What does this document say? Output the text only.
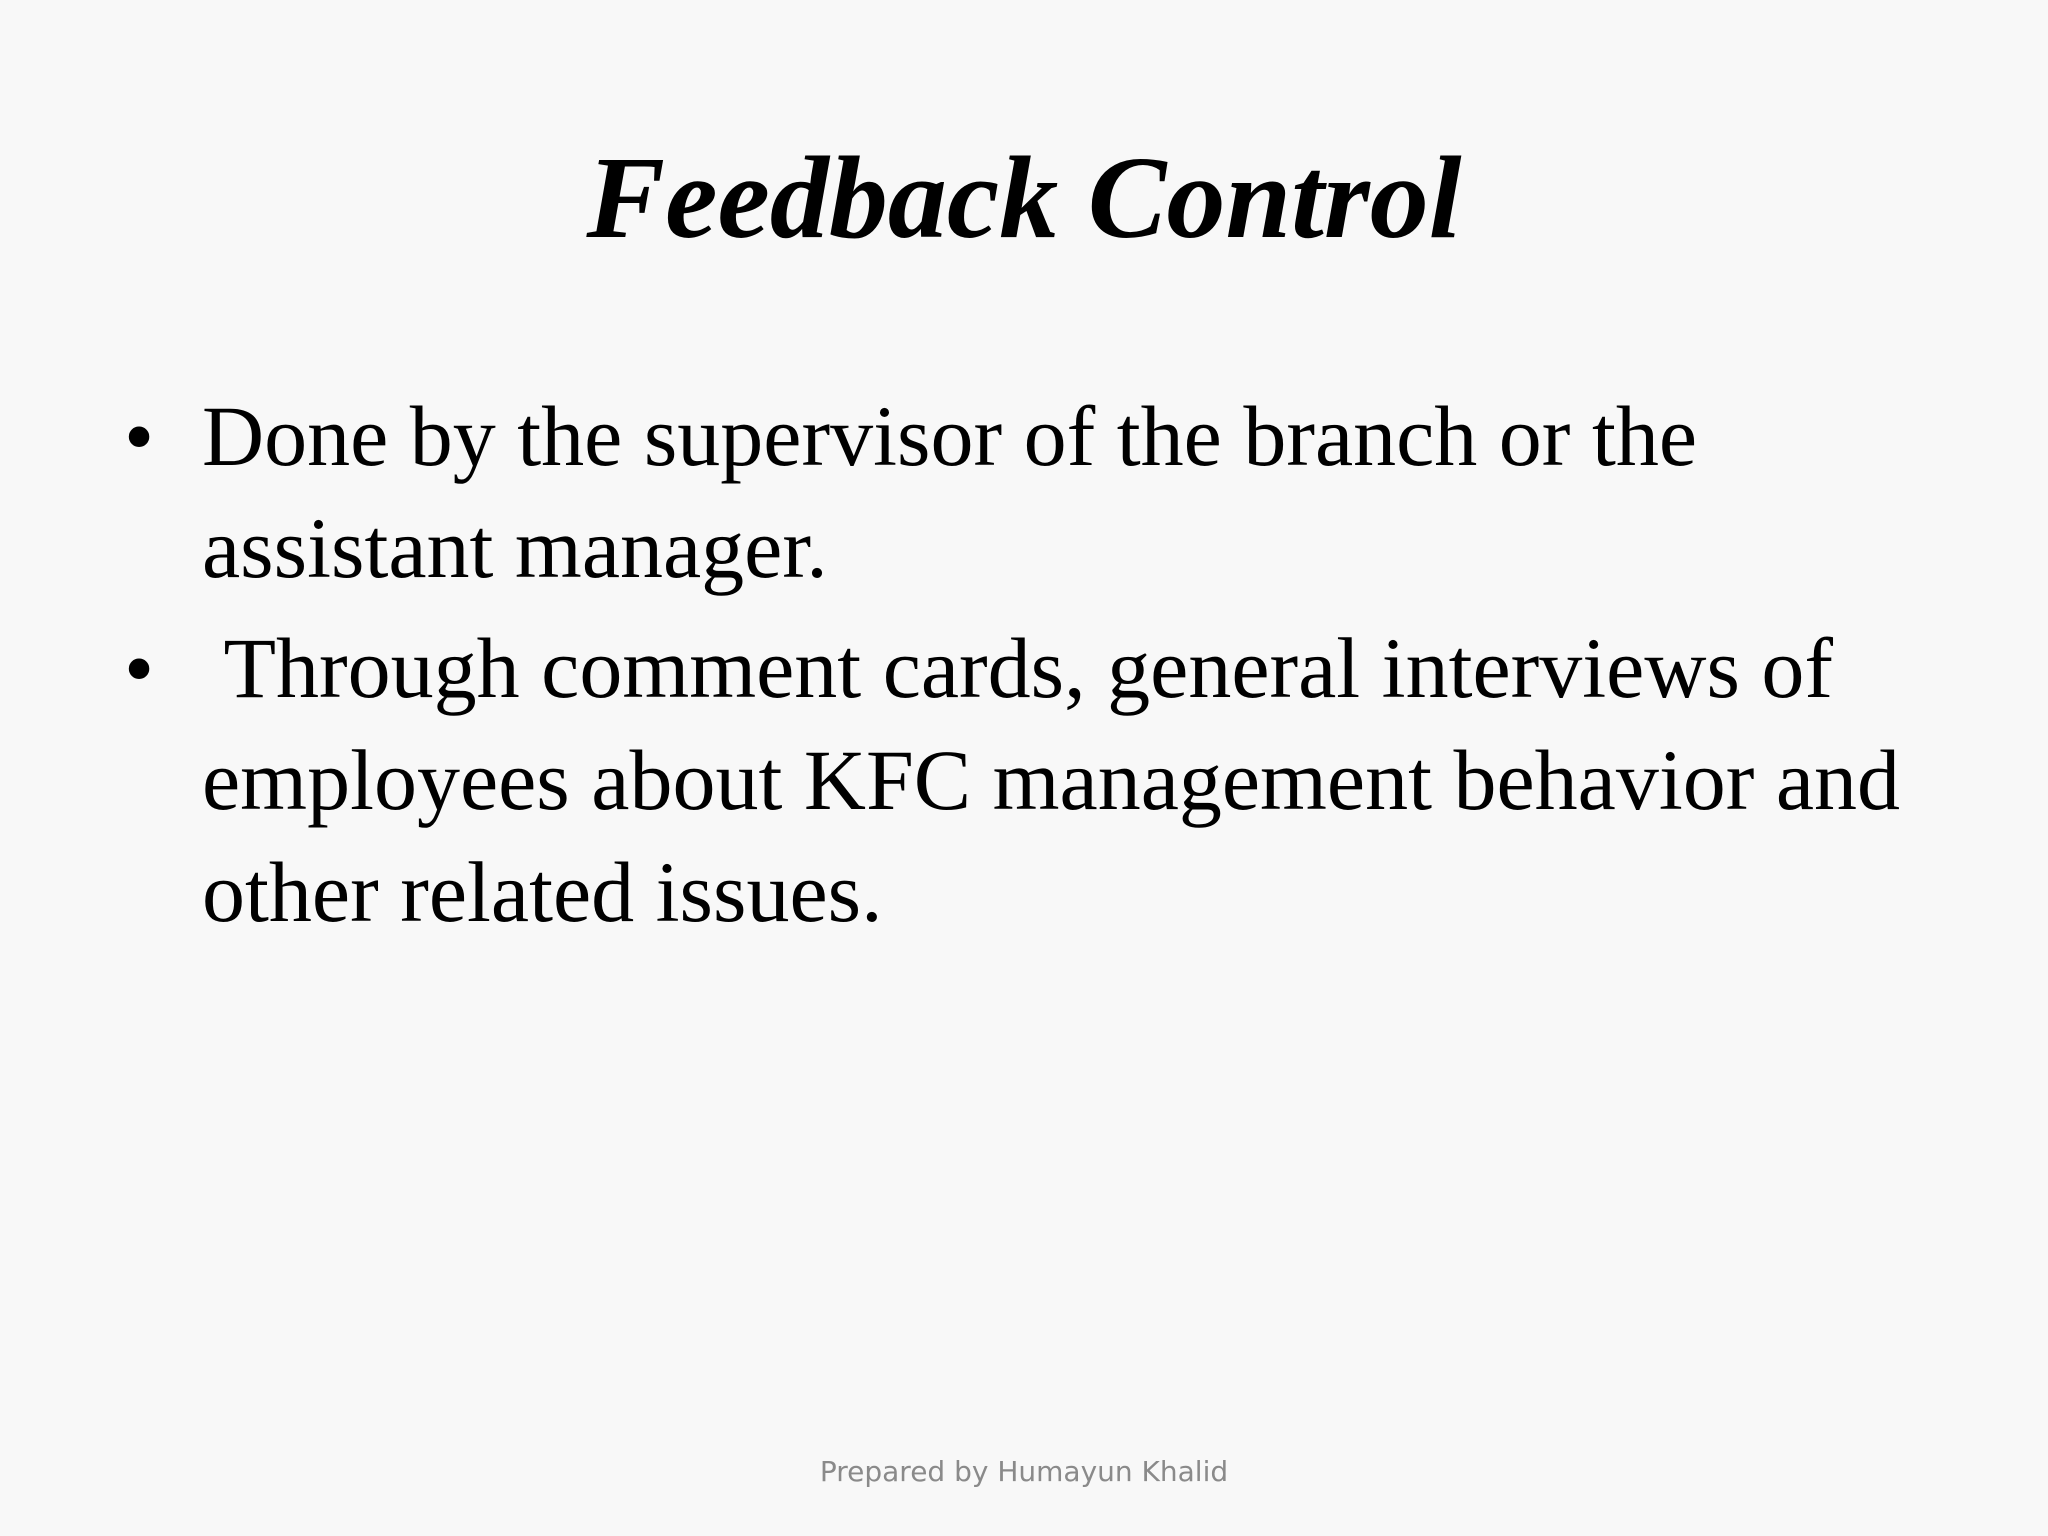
Feedback Control
• Done by the supervisor of the branch or the assistant manager.
• Through comment cards, general interviews of employees about KFC management behavior and other related issues.
Prepared by Humayun Khalid
